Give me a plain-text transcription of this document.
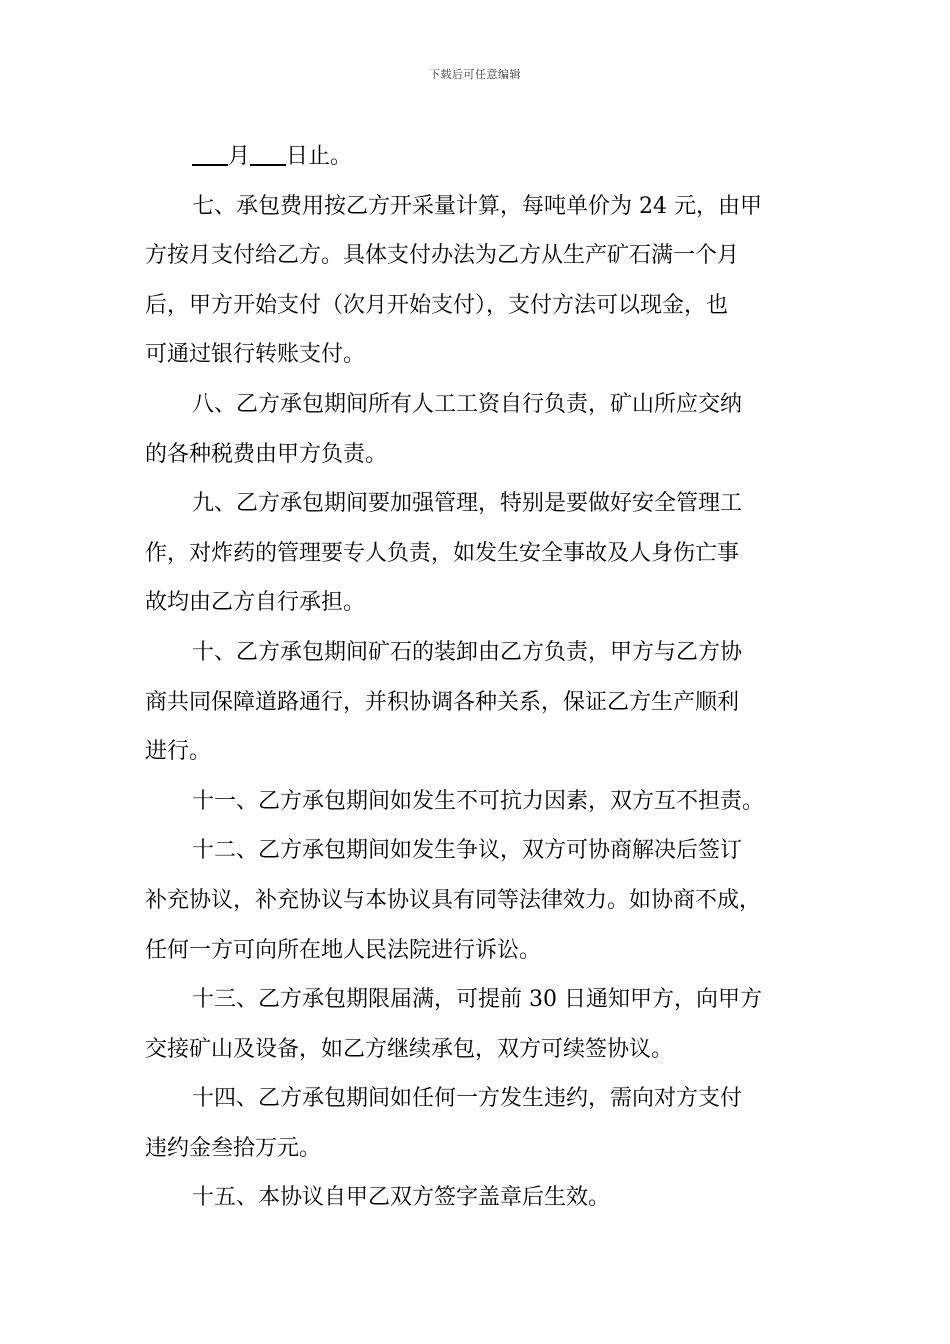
下载后可任意编辑
月 日止。
七、承包费用按乙方开采量计算，每吨单价为 24 元，由甲
方按月支付给乙方。具体支付办法为乙方从生产矿石满一个月
后，甲方开始支付（次月开始支付），支付方法可以现金，也
可通过银行转账支付。
八、乙方承包期间所有人工工资自行负责，矿山所应交纳
的各种税费由甲方负责。
九、乙方承包期间要加强管理，特别是要做好安全管理工
作，对炸药的管理要专人负责，如发生安全事故及人身伤亡事
故均由乙方自行承担。
十、乙方承包期间矿石的装卸由乙方负责，甲方与乙方协
商共同保障道路通行，并积协调各种关系，保证乙方生产顺利
进行。
十一、乙方承包期间如发生不可抗力因素，双方互不担责。
十二、乙方承包期间如发生争议，双方可协商解决后签订
补充协议，补充协议与本协议具有同等法律效力。如协商不成，
任何一方可向所在地人民法院进行诉讼。
十三、乙方承包期限届满，可提前 30 日通知甲方，向甲方
交接矿山及设备，如乙方继续承包，双方可续签协议。
十四、乙方承包期间如任何一方发生违约，需向对方支付
违约金叁拾万元。
十五、本协议自甲乙双方签字盖章后生效。
